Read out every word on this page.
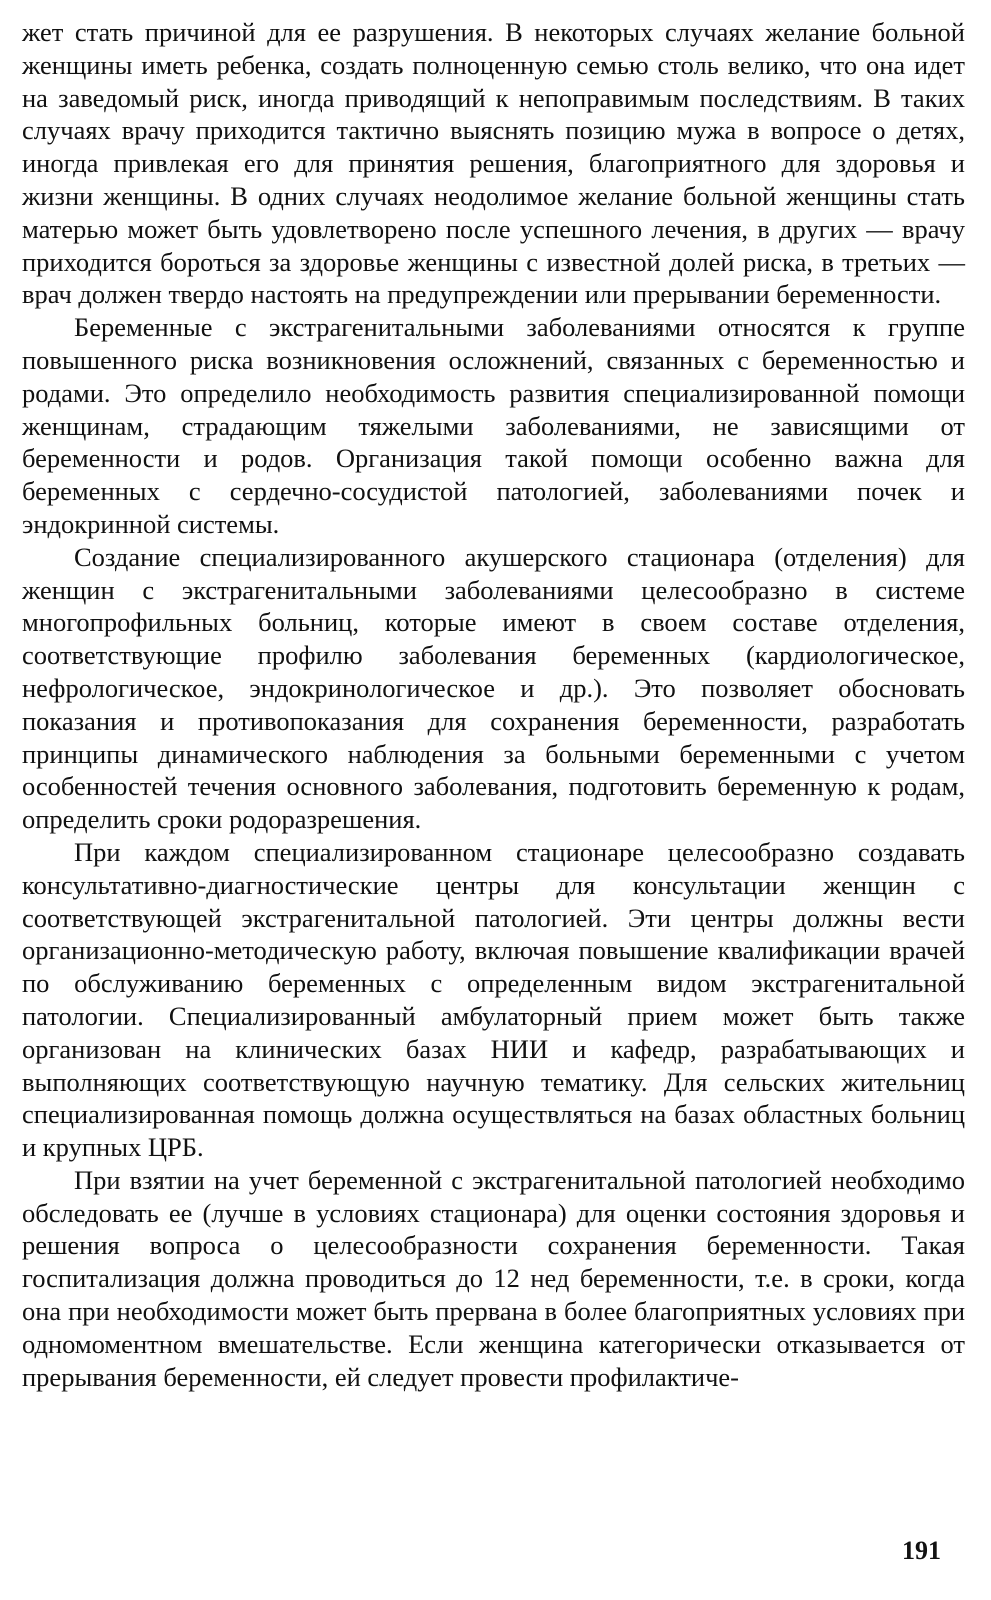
жет стать причиной для ее разрушения. В некоторых случаях желание больной женщины иметь ребенка, создать полноценную семью столь велико, что она идет на заведомый риск, иногда приводящий к непоправимым последствиям. В таких случаях врачу приходится тактично выяснять позицию мужа в вопросе о детях, иногда привлекая его для принятия решения, благоприятного для здоровья и жизни женщины. В одних случаях неодолимое желание больной женщины стать матерью может быть удовлетворено после успешного лечения, в других — врачу приходится бороться за здоровье женщины с известной долей риска, в третьих — врач должен твердо настоять на предупреждении или прерывании беременности.

Беременные с экстрагенитальными заболеваниями относятся к группе повышенного риска возникновения осложнений, связанных с беременностью и родами. Это определило необходимость развития специализированной помощи женщинам, страдающим тяжелыми заболеваниями, не зависящими от беременности и родов. Организация такой помощи особенно важна для беременных с сердечно-сосудистой патологией, заболеваниями почек и эндокринной системы.

Создание специализированного акушерского стационара (отделения) для женщин с экстрагенитальными заболеваниями целесообразно в системе многопрофильных больниц, которые имеют в своем составе отделения, соответствующие профилю заболевания беременных (кардиологическое, нефрологическое, эндокринологическое и др.). Это позволяет обосновать показания и противопоказания для сохранения беременности, разработать принципы динамического наблюдения за больными беременными с учетом особенностей течения основного заболевания, подготовить беременную к родам, определить сроки родоразрешения.

При каждом специализированном стационаре целесообразно создавать консультативно-диагностические центры для консультации женщин с соответствующей экстрагенитальной патологией. Эти центры должны вести организационно-методическую работу, включая повышение квалификации врачей по обслуживанию беременных с определенным видом экстрагенитальной патологии. Специализированный амбулаторный прием может быть также организован на клинических базах НИИ и кафедр, разрабатывающих и выполняющих соответствующую научную тематику. Для сельских жительниц специализированная помощь должна осуществляться на базах областных больниц и крупных ЦРБ.

При взятии на учет беременной с экстрагенитальной патологией необходимо обследовать ее (лучше в условиях стационара) для оценки состояния здоровья и решения вопроса о целесообразности сохранения беременности. Такая госпитализация должна проводиться до 12 нед беременности, т.е. в сроки, когда она при необходимости может быть прервана в более благоприятных условиях при одномоментном вмешательстве. Если женщина категорически отказывается от прерывания беременности, ей следует провести профилактиче-

191
